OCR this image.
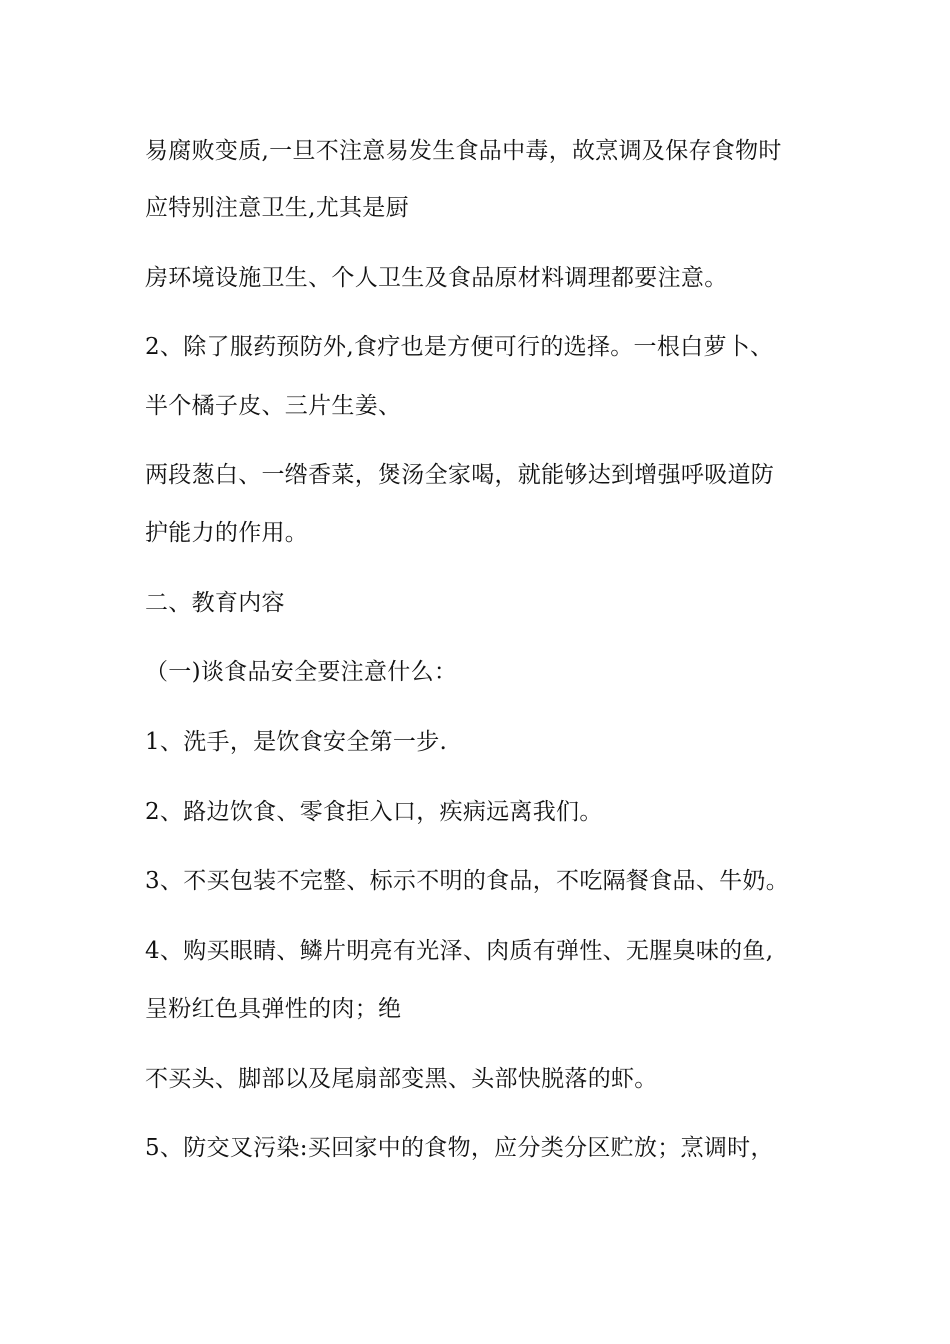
易腐败变质,一旦不注意易发生食品中毒，故烹调及保存食物时
应特别注意卫生,尤其是厨
房环境设施卫生、个人卫生及食品原材料调理都要注意。
2、除了服药预防外,食疗也是方便可行的选择。一根白萝卜、
半个橘子皮、三片生姜、
两段葱白、一绺香菜，煲汤全家喝，就能够达到增强呼吸道防
护能力的作用。
二、教育内容
（一)谈食品安全要注意什么：
1、洗手，是饮食安全第一步.
2、路边饮食、零食拒入口，疾病远离我们。
3、不买包装不完整、标示不明的食品，不吃隔餐食品、牛奶。
4、购买眼睛、鳞片明亮有光泽、肉质有弹性、无腥臭味的鱼,
呈粉红色具弹性的肉；绝
不买头、脚部以及尾扇部变黑、头部快脱落的虾。
5、防交叉污染:买回家中的食物，应分类分区贮放；烹调时，
